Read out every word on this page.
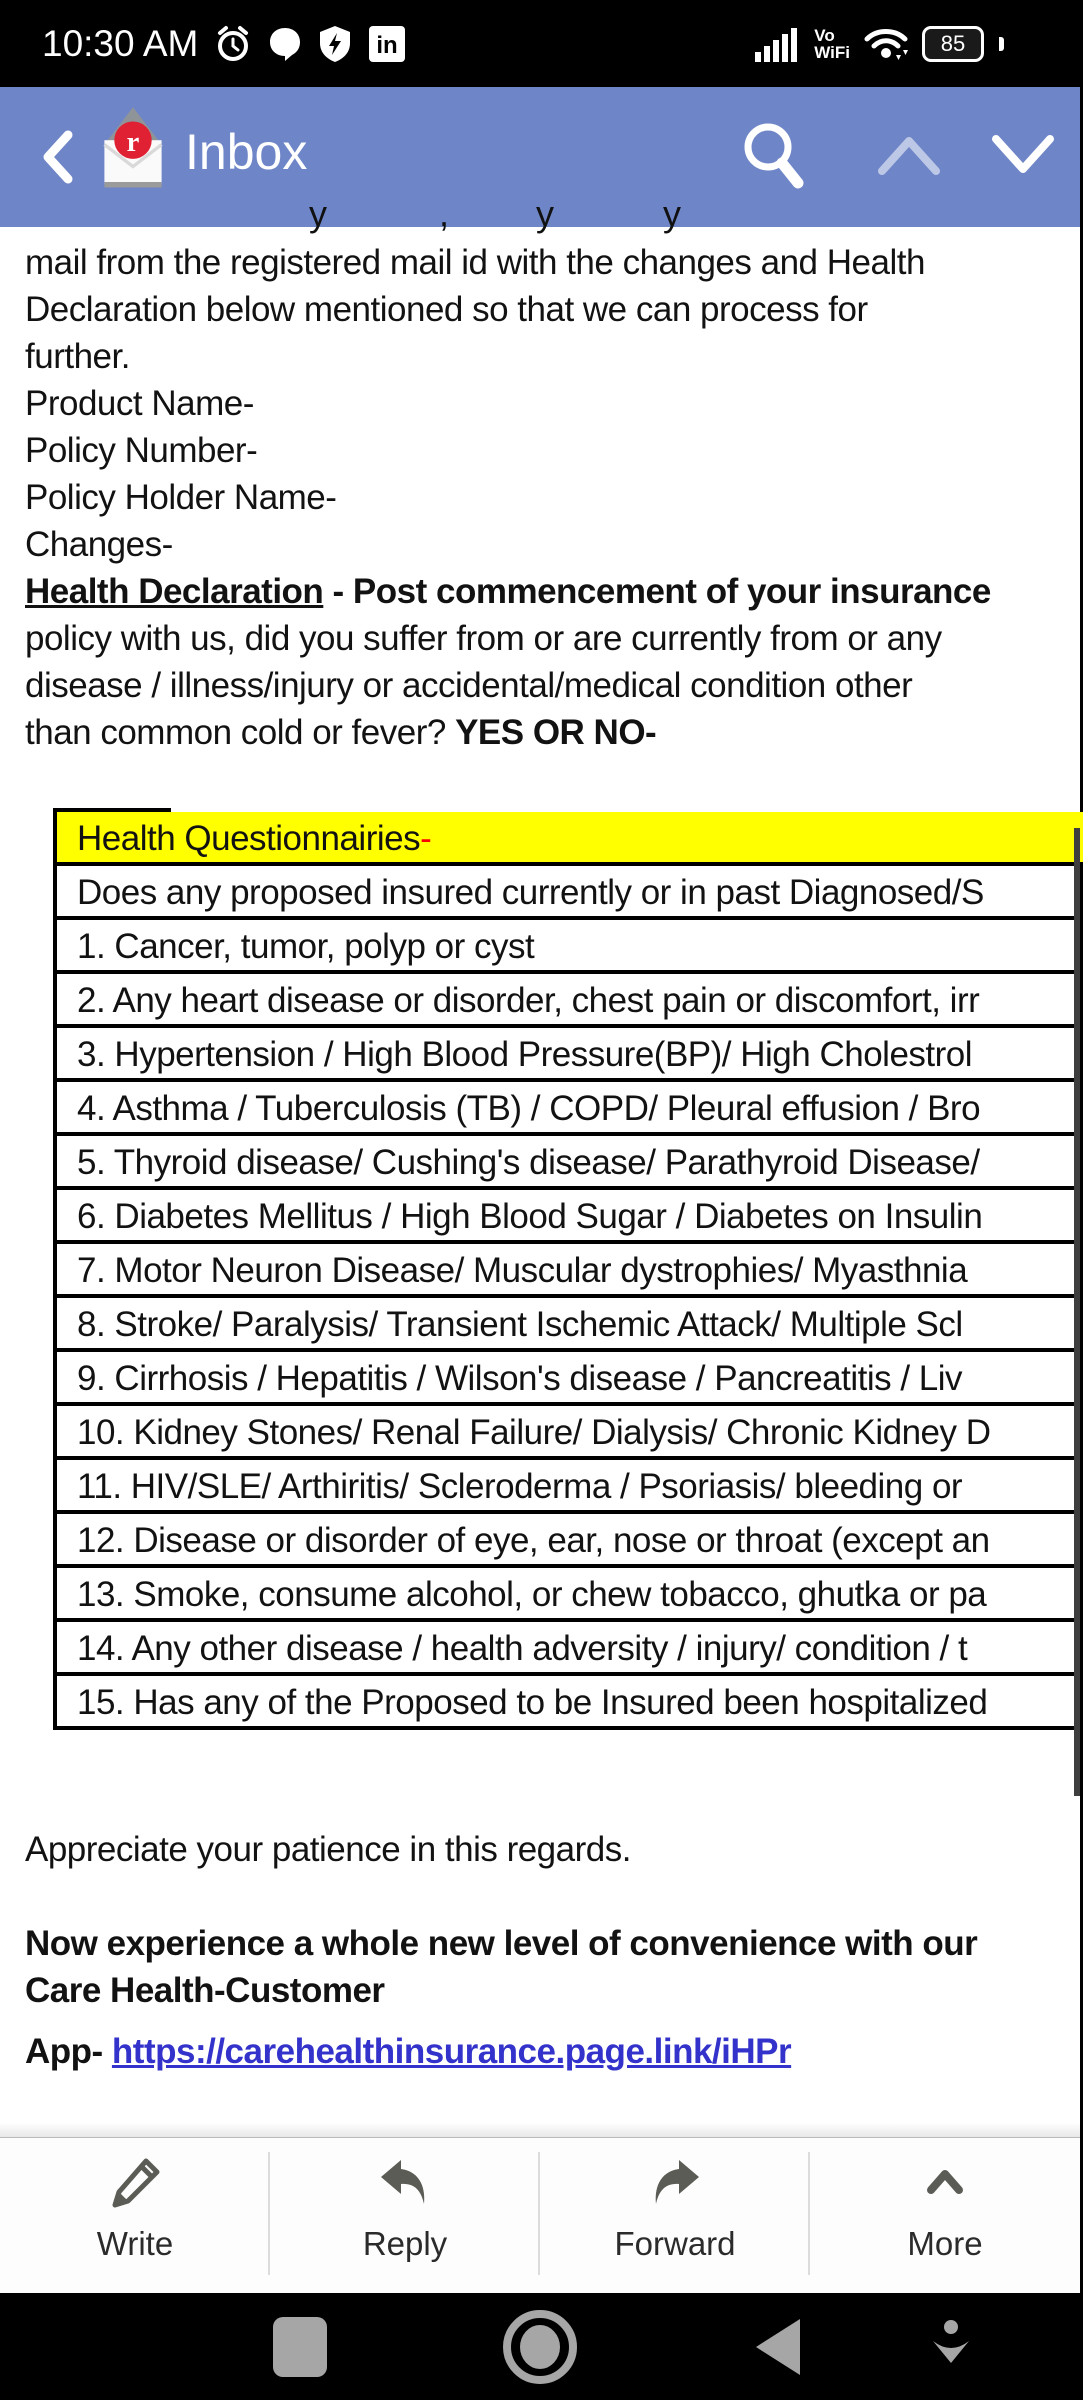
10:30 AM	in	Vo
WiFi	85
r Inbox
y	, y	y
mail from the registered mail id with the changes and Health
Declaration below mentioned so that we can process for
further.
Product Name-
Policy Number-
Policy Holder Name-
Changes-
Health Declaration - Post commencement of your insurance
policy with us, did you suffer from or are currently from or any
disease / illness/injury or accidental/medical condition other
than common cold or fever? YES OR NO-
Health Questionnairies-
Does any proposed insured currently or in past Diagnosed/S
1. Cancer, tumor, polyp or cyst
2. Any heart disease or disorder, chest pain or discomfort, irr
3. Hypertension / High Blood Pressure(BP)/ High Cholestrol
4. Asthma / Tuberculosis (TB) / COPD/ Pleural effusion / Bro
5. Thyroid disease/ Cushing's disease/ Parathyroid Disease/
6. Diabetes Mellitus / High Blood Sugar / Diabetes on Insulin
7. Motor Neuron Disease/ Muscular dystrophies/ Myasthnia
8. Stroke/ Paralysis/ Transient Ischemic Attack/ Multiple Scl
9. Cirrhosis / Hepatitis / Wilson's disease / Pancreatitis / Liv
10. Kidney Stones/ Renal Failure/ Dialysis/ Chronic Kidney D
11. HIV/SLE/ Arthiritis/ Scleroderma / Psoriasis/ bleeding or
12. Disease or disorder of eye, ear, nose or throat (except an
13. Smoke, consume alcohol, or chew tobacco, ghutka or pa
14. Any other disease / health adversity / injury/ condition / t
15. Has any of the Proposed to be Insured been hospitalized
Appreciate your patience in this regards.
Now experience a whole new level of convenience with our
Care Health-Customer
App- https://carehealthinsurance.page.link/iHPr
Write	Reply	Forward	More
